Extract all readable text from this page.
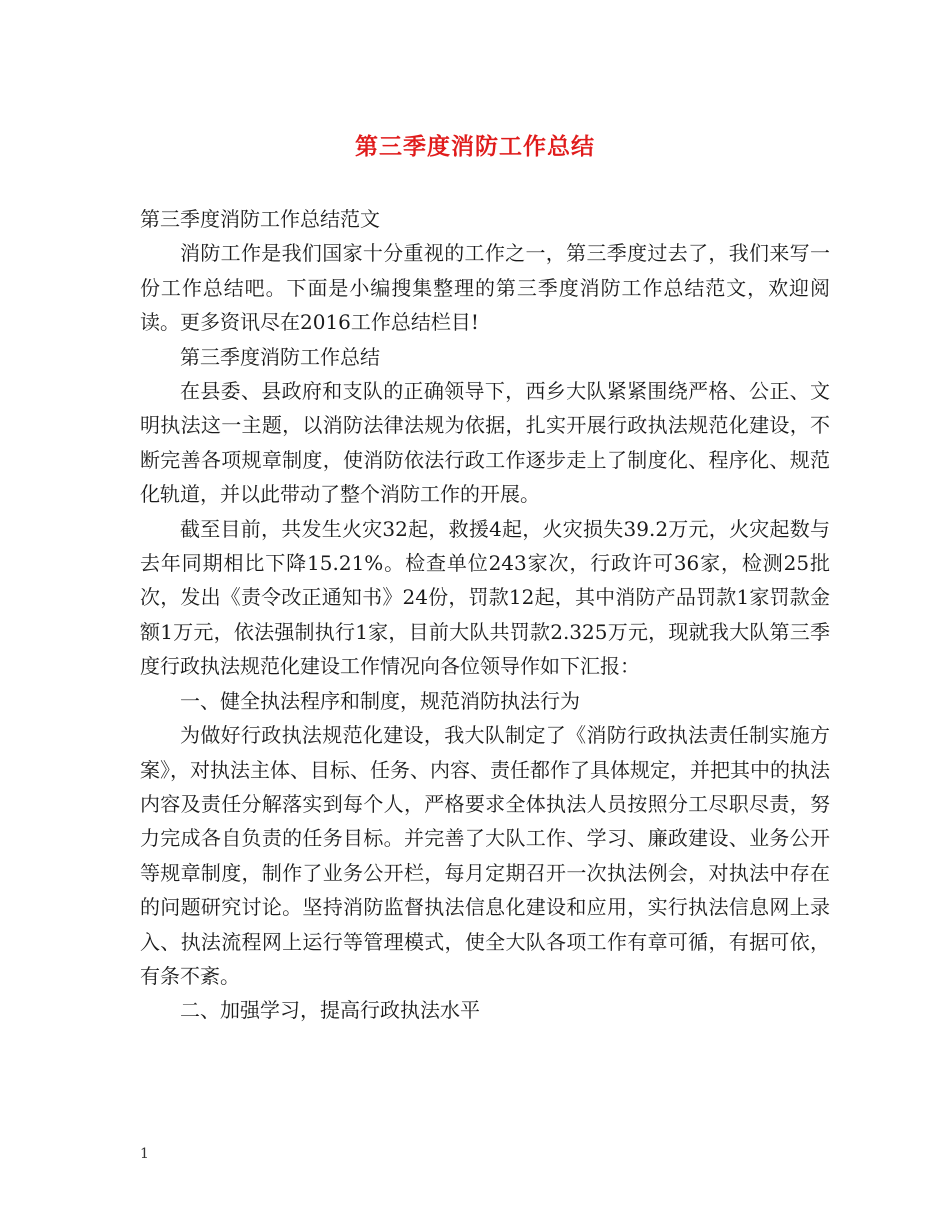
第三季度消防工作总结

第三季度消防工作总结范文

消防工作是我们国家十分重视的工作之一，第三季度过去了，我们来写一份工作总结吧。下面是小编搜集整理的第三季度消防工作总结范文，欢迎阅读。更多资讯尽在2016工作总结栏目!

第三季度消防工作总结

在县委、县政府和支队的正确领导下，西乡大队紧紧围绕严格、公正、文明执法这一主题，以消防法律法规为依据，扎实开展行政执法规范化建设，不断完善各项规章制度，使消防依法行政工作逐步走上了制度化、程序化、规范化轨道，并以此带动了整个消防工作的开展。

截至目前，共发生火灾32起，救援4起，火灾损失39.2万元，火灾起数与去年同期相比下降15.21%。检查单位243家次，行政许可36家，检测25批次，发出《责令改正通知书》24份，罚款12起，其中消防产品罚款1家罚款金额1万元，依法强制执行1家，目前大队共罚款2.325万元，现就我大队第三季度行政执法规范化建设工作情况向各位领导作如下汇报：

一、健全执法程序和制度，规范消防执法行为

为做好行政执法规范化建设，我大队制定了《消防行政执法责任制实施方案》，对执法主体、目标、任务、内容、责任都作了具体规定，并把其中的执法内容及责任分解落实到每个人，严格要求全体执法人员按照分工尽职尽责，努力完成各自负责的任务目标。并完善了大队工作、学习、廉政建设、业务公开等规章制度，制作了业务公开栏，每月定期召开一次执法例会，对执法中存在的问题研究讨论。坚持消防监督执法信息化建设和应用，实行执法信息网上录入、执法流程网上运行等管理模式，使全大队各项工作有章可循，有据可依，有条不紊。

二、加强学习，提高行政执法水平

1
